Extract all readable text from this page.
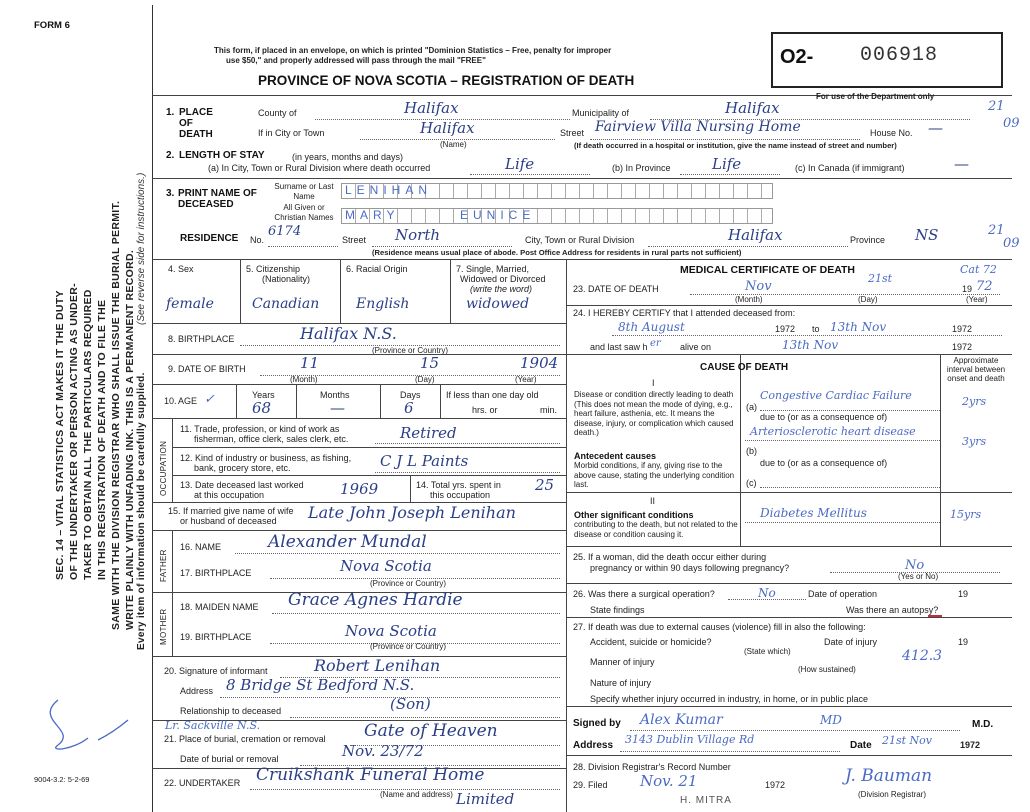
SEC. 14 – VITAL STATISTICS ACT MAKES IT THE DUTY OF THE UNDERTAKER OR PERSON ACTING AS UNDER- TAKER TO OBTAIN ALL THE PARTICULARS REQUIRED IN THIS REGISTRATION OF DEATH AND TO FILE THE SAME WITH THE DIVISION REGISTRAR WHO SHALL ISSUE THE BURIAL PERMIT. WRITE PLAINLY WITH UNFADING INK. THIS IS A PERMANENT RECORD.
(See reverse side for instructions.)
Every item of information should be carefully supplied.
9004-3.2: 5-2-69
FORM 6
This form, if placed in an envelope, on which is printed "Dominion Statistics – Free, penalty for improper
use $50," and properly addressed will pass through the mail "FREE"
PROVINCE OF NOVA SCOTIA – REGISTRATION OF DEATH
O2- 006918
For use of the Department only
21
09
21
09
1. PLACE OF DEATH
County of	Halifax	Municipality of	Halifax
If in City or Town	Halifax
(Name)
Street Fairview Villa Nursing Home	House No. —
(If death occurred in a hospital or institution, give the name instead of street and number)
2. LENGTH OF STAY	(in years, months and days)
(a) In City, Town or Rural Division where death occurred	Life	(b) In Province	Life	(c) In Canada (if immigrant)	—
3. PRINT NAME OF DECEASED
Surname or Last Name
All Given or Christian Names
LENIHAN
MARY	EUNICE
RESIDENCE No.
6174
Street North	City, Town or Rural Division	Halifax	Province NS
(Residence means usual place of abode. Post Office Address for residents in rural parts not sufficient)
4. Sex
female
5. Citizenship
(Nationality)
Canadian
6. Racial Origin
English
7. Single, Married,
Widowed or Divorced
(write the word)
widowed
8. BIRTHPLACE	Halifax N.S.
(Province or Country)
9. DATE OF BIRTH	11	15	1904
(Month)	(Day)	(Year)
10. AGE ✓	Years	Months	Days
68	—	6
If less than one day old
hrs. or	min.
OCCUPATION
11. Trade, profession, or kind of work as
fisherman, office clerk, sales clerk, etc.	Retired
12. Kind of industry or business, as fishing,
bank, grocery store, etc.	C J L Paints
13. Date deceased last worked
at this occupation	1969	14. Total yrs. spent in
this occupation
25
15. If married give name of wife
or husband of deceased Late John Joseph Lenihan
FATHER
16. NAME	Alexander Mundal
17. BIRTHPLACE	Nova Scotia
(Province or Country)
MOTHER
18. MAIDEN NAME Grace Agnes Hardie
19. BIRTHPLACE	Nova Scotia
(Province or Country)
20. Signature of informant	Robert Lenihan
Address 8 Bridge St Bedford N.S.
Relationship to deceased	(Son)
Lr. Sackville N.S.
21. Place of burial, cremation or removal Gate of Heaven
Date of burial or removal	Nov. 23/72
22. UNDERTAKER Cruikshank Funeral Home
Limited
(Name and address)
MEDICAL CERTIFICATE OF DEATH	Cat 72
23. DATE OF DEATH	Nov
21st
19 72
(Month)	(Day)	(Year)
24. I HEREBY CERTIFY that I attended deceased from:
8th August	1972 to 13th Nov	1972
and last saw h er alive on	13th Nov	1972
CAUSE OF DEATH
Approximate interval between onset and death
I
Disease or condition directly leading to death (This does not mean the mode of dying, e.g., heart failure, asthenia, etc. It means the disease, injury, or complication which caused death.)
(a)
Congestive Cardiac Failure	2yrs
due to (or as a consequence of)
Arteriosclerotic heart disease
3yrs
Antecedent causes
Morbid conditions, if any, giving rise to the above cause, stating the underlying condition last.
(b)
due to (or as a consequence of)
(c)
II
Other significant conditions
contributing to the death, but not related to the disease or condition causing it.
Diabetes Mellitus	15yrs
25. If a woman, did the death occur either during
pregnancy or within 90 days following pregnancy?	No
(Yes or No)
26. Was there a surgical operation?	No	Date of operation	19
State findings	Was there an autopsy?
27. If death was due to external causes (violence) fill in also the following:
Accident, suicide or homicide?	Date of injury	19
(State which)
Manner of injury	412.3
(How sustained)
Nature of injury
Specify whether injury occurred in industry, in home, or in public place
Signed by Alex Kumar	MD	M.D.
Address 3143 Dublin Village Rd	Date 21st Nov	1972
28. Division Registrar's Record Number
29. Filed Nov. 21	1972	J. Bauman
(Division Registrar)
H. MITRA
